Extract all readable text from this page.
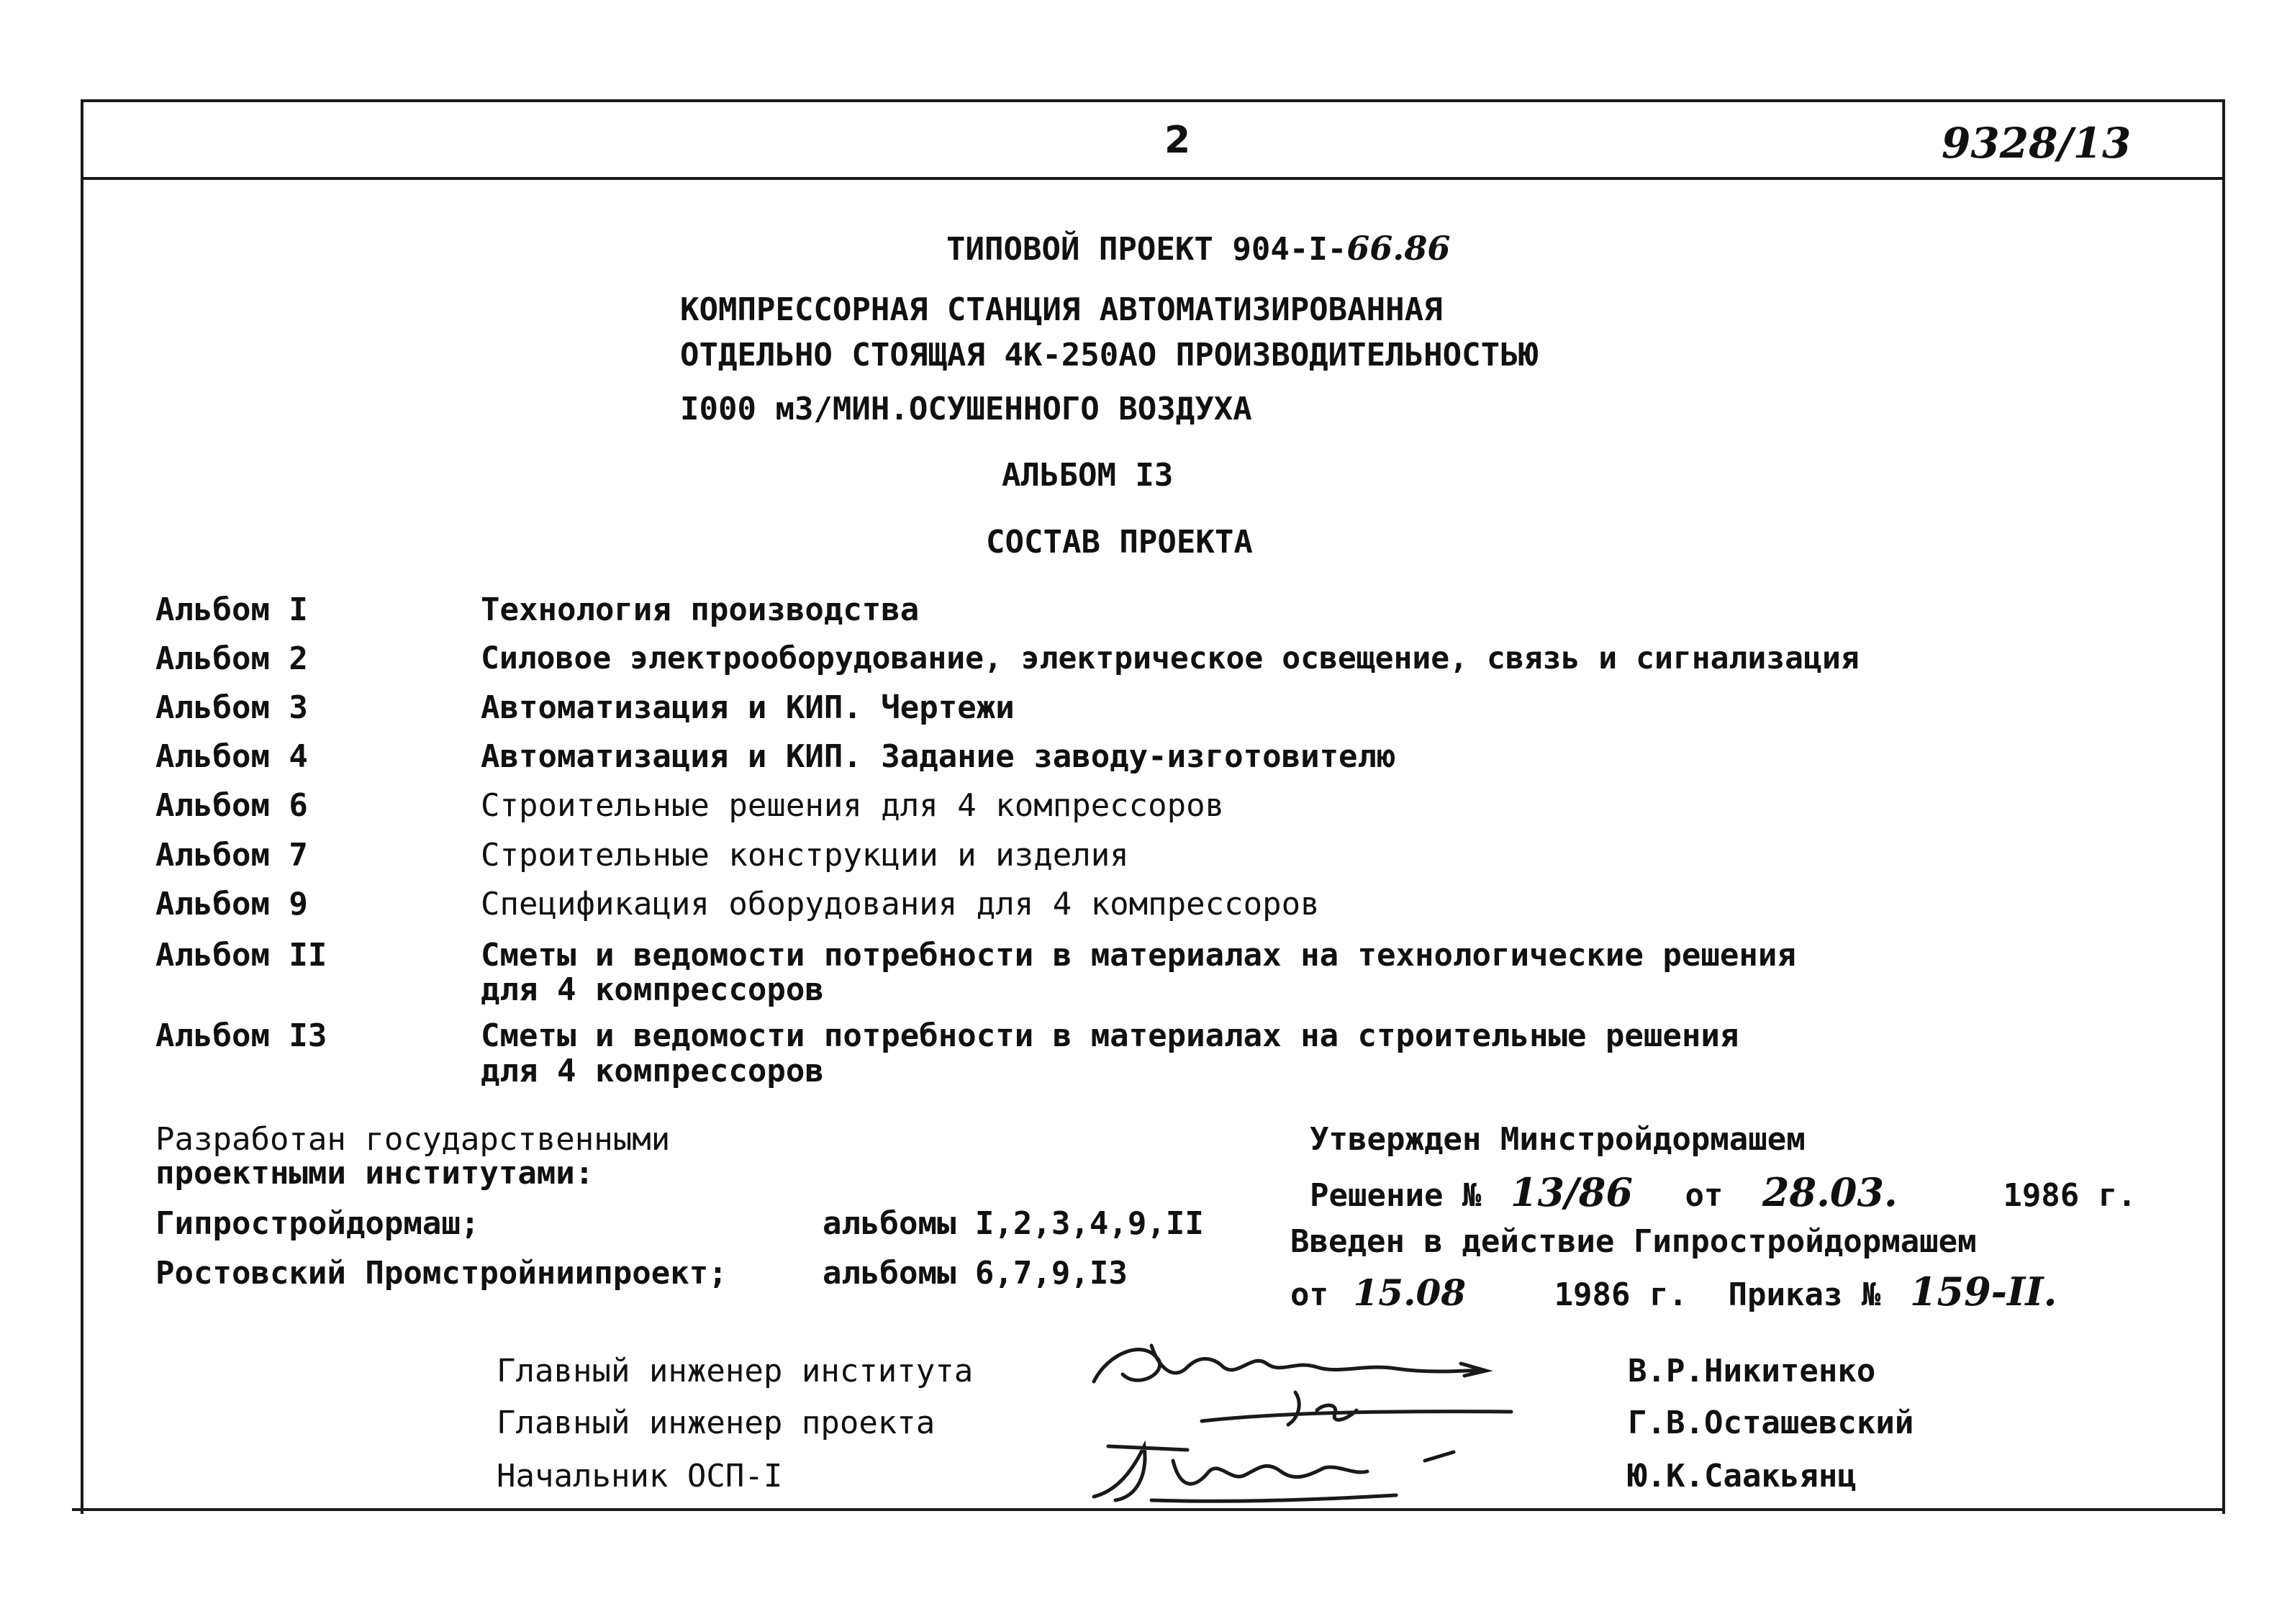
2	9328/13
ТИПОВОЙ ПРОЕКТ 904-I-66.86
КОМПРЕССОРНАЯ СТАНЦИЯ АВТОМАТИЗИРОВАННАЯ
ОТДЕЛЬНО СТОЯЩАЯ 4К-250АО ПРОИЗВОДИТЕЛЬНОСТЬЮ
I000 м3/МИН.ОСУШЕННОГО ВОЗДУХА
АЛЬБОМ I3
СОСТАВ ПРОЕКТА
Альбом I	Технология производства
Альбом 2	Силовое электрооборудование, электрическое освещение, связь и сигнализация
Альбом 3	Автоматизация и КИП. Чертежи
Альбом 4	Автоматизация и КИП. Задание заводу-изготовителю
Альбом 6	Строительные решения для 4 компрессоров
Альбом 7	Строительные конструкции и изделия
Альбом 9	Спецификация оборудования для 4 компрессоров
Альбом II	Сметы и ведомости потребности в материалах на технологические решения
для 4 компрессоров
Альбом I3	Сметы и ведомости потребности в материалах на строительные решения
для 4 компрессоров
Разработан государственными
проектными институтами:
Гипростройдормаш;	альбомы I,2,3,4,9,II
Ростовский Промстройниипроект;	альбомы 6,7,9,I3
Утвержден Минстройдормашем
Решение № 13/86 от 28.03.	1986 г.
Введен в действие Гипростройдормашем
от 15.08	1986 г. Приказ № 159-II.
Главный инженер института	В.Р.Никитенко
Главный инженер проекта	Г.В.Осташевский
Начальник ОСП-I	Ю.К.Саакьянц
